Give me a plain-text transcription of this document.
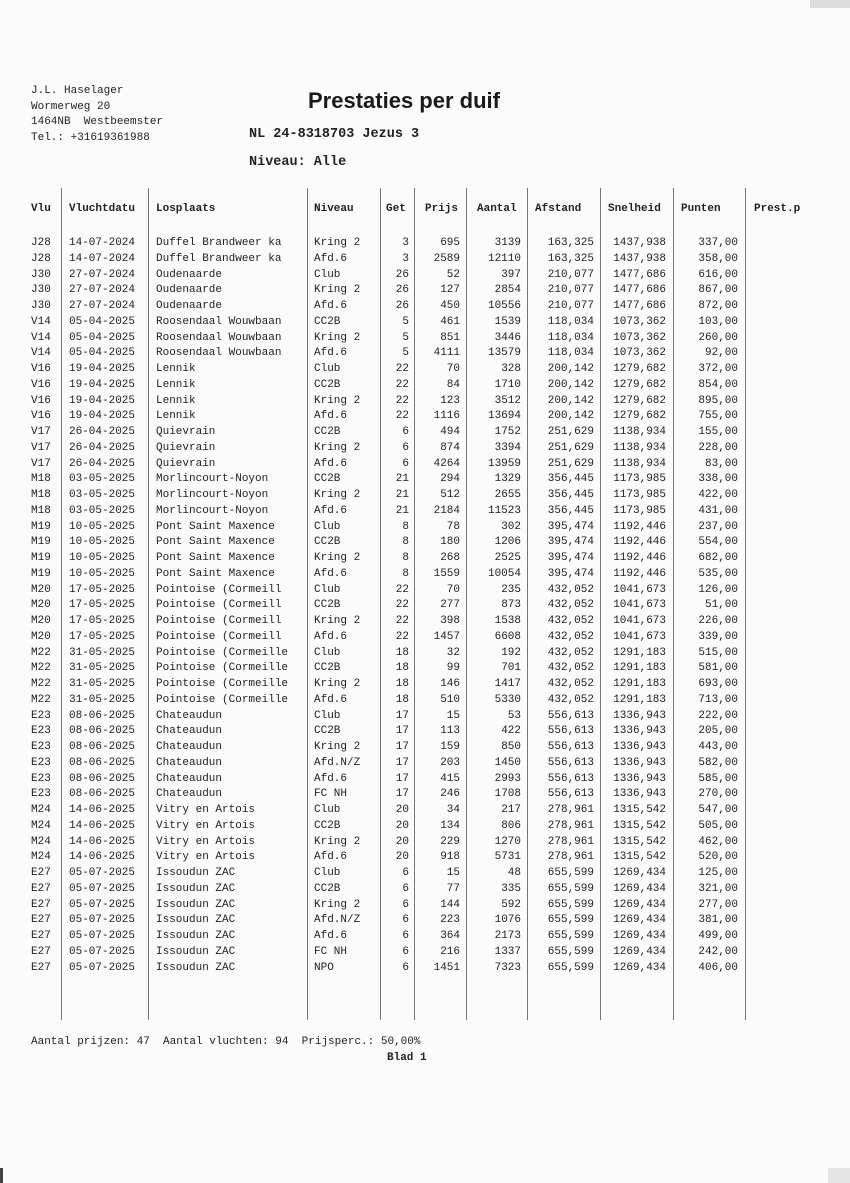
J.L. Haselager
Wormerweg 20
1464NB  Westbeemster
Tel.: +31619361988
Prestaties per duif
NL 24-8318703 Jezus 3
Niveau: Alle
Vlu Vluchtdatu Losplaats	Niveau	Get Prijs Aantal Afstand Snelheid Punten	Prest.p
J28	14-07-2024	Duffel Brandweer ka	Kring 2	3	695	3139	163,325	1437,938	337,00
J28	14-07-2024	Duffel Brandweer ka	Afd.6	3	2589	12110	163,325	1437,938	358,00
J30	27-07-2024	Oudenaarde	Club	26	52	397	210,077	1477,686	616,00
J30	27-07-2024	Oudenaarde	Kring 2	26	127	2854	210,077	1477,686	867,00
J30	27-07-2024	Oudenaarde	Afd.6	26	450	10556	210,077	1477,686	872,00
V14	05-04-2025	Roosendaal Wouwbaan	CC2B	5	461	1539	118,034	1073,362	103,00
V14	05-04-2025	Roosendaal Wouwbaan	Kring 2	5	851	3446	118,034	1073,362	260,00
V14	05-04-2025	Roosendaal Wouwbaan	Afd.6	5	4111	13579	118,034	1073,362	92,00
V16	19-04-2025	Lennik	Club	22	70	328	200,142	1279,682	372,00
V16	19-04-2025	Lennik	CC2B	22	84	1710	200,142	1279,682	854,00
V16	19-04-2025	Lennik	Kring 2	22	123	3512	200,142	1279,682	895,00
V16	19-04-2025	Lennik	Afd.6	22	1116	13694	200,142	1279,682	755,00
V17	26-04-2025	Quievrain	CC2B	6	494	1752	251,629	1138,934	155,00
V17	26-04-2025	Quievrain	Kring 2	6	874	3394	251,629	1138,934	228,00
V17	26-04-2025	Quievrain	Afd.6	6	4264	13959	251,629	1138,934	83,00
M18	03-05-2025	Morlincourt-Noyon	CC2B	21	294	1329	356,445	1173,985	338,00
M18	03-05-2025	Morlincourt-Noyon	Kring 2	21	512	2655	356,445	1173,985	422,00
M18	03-05-2025	Morlincourt-Noyon	Afd.6	21	2184	11523	356,445	1173,985	431,00
M19	10-05-2025	Pont Saint Maxence	Club	8	78	302	395,474	1192,446	237,00
M19	10-05-2025	Pont Saint Maxence	CC2B	8	180	1206	395,474	1192,446	554,00
M19	10-05-2025	Pont Saint Maxence	Kring 2	8	268	2525	395,474	1192,446	682,00
M19	10-05-2025	Pont Saint Maxence	Afd.6	8	1559	10054	395,474	1192,446	535,00
M20	17-05-2025	Pointoise (Cormeill	Club	22	70	235	432,052	1041,673	126,00
M20	17-05-2025	Pointoise (Cormeill	CC2B	22	277	873	432,052	1041,673	51,00
M20	17-05-2025	Pointoise (Cormeill	Kring 2	22	398	1538	432,052	1041,673	226,00
M20	17-05-2025	Pointoise (Cormeill	Afd.6	22	1457	6608	432,052	1041,673	339,00
M22	31-05-2025	Pointoise (Cormeille	Club	18	32	192	432,052	1291,183	515,00
M22	31-05-2025	Pointoise (Cormeille	CC2B	18	99	701	432,052	1291,183	581,00
M22	31-05-2025	Pointoise (Cormeille	Kring 2	18	146	1417	432,052	1291,183	693,00
M22	31-05-2025	Pointoise (Cormeille	Afd.6	18	510	5330	432,052	1291,183	713,00
E23	08-06-2025	Chateaudun	Club	17	15	53	556,613	1336,943	222,00
E23	08-06-2025	Chateaudun	CC2B	17	113	422	556,613	1336,943	205,00
E23	08-06-2025	Chateaudun	Kring 2	17	159	850	556,613	1336,943	443,00
E23	08-06-2025	Chateaudun	Afd.N/Z	17	203	1450	556,613	1336,943	582,00
E23	08-06-2025	Chateaudun	Afd.6	17	415	2993	556,613	1336,943	585,00
E23	08-06-2025	Chateaudun	FC NH	17	246	1708	556,613	1336,943	270,00
M24	14-06-2025	Vitry en Artois	Club	20	34	217	278,961	1315,542	547,00
M24	14-06-2025	Vitry en Artois	CC2B	20	134	806	278,961	1315,542	505,00
M24	14-06-2025	Vitry en Artois	Kring 2	20	229	1270	278,961	1315,542	462,00
M24	14-06-2025	Vitry en Artois	Afd.6	20	918	5731	278,961	1315,542	520,00
E27	05-07-2025	Issoudun ZAC	Club	6	15	48	655,599	1269,434	125,00
E27	05-07-2025	Issoudun ZAC	CC2B	6	77	335	655,599	1269,434	321,00
E27	05-07-2025	Issoudun ZAC	Kring 2	6	144	592	655,599	1269,434	277,00
E27	05-07-2025	Issoudun ZAC	Afd.N/Z	6	223	1076	655,599	1269,434	381,00
E27	05-07-2025	Issoudun ZAC	Afd.6	6	364	2173	655,599	1269,434	499,00
E27	05-07-2025	Issoudun ZAC	FC NH	6	216	1337	655,599	1269,434	242,00
E27	05-07-2025	Issoudun ZAC	NPO	6	1451	7323	655,599	1269,434	406,00
Aantal prijzen: 47  Aantal vluchten: 94  Prijsperc.: 50,00%
Blad 1
